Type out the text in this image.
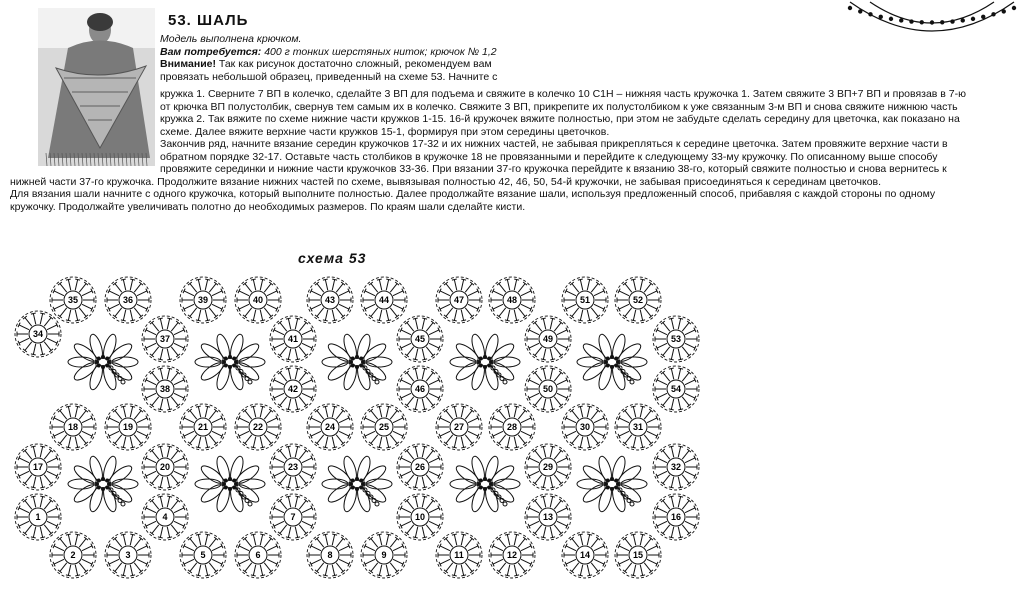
53. ШАЛЬ
Модель выполнена крючком.
Вам потребуется: 400 г тонких шерстяных ниток; крючок № 1,2
Внимание! Так как рисунок достаточно сложный, рекомендуем вам
провязать небольшой образец, приведенный на схеме 53. Начните с
кружка 1. Сверните 7 ВП в колечко, сделайте 3 ВП для подъема и свяжите в колечко 10 С1Н – нижняя часть кружочка 1. Затем свяжите 3 ВП+7 ВП и провязав в 7-ю
от крючка ВП полустолбик, свернув тем самым их в колечко. Свяжите 3 ВП, прикрепите их полустолбиком к уже связанным 3-м ВП и снова свяжите нижнюю часть
кружка 2. Так вяжите по схеме нижние части кружков 1-15. 16-й кружочек вяжите полностью, при этом не забудьте сделать середину для цветочка, как показано на
схеме. Далее вяжите верхние части кружков 15-1, формируя при этом середины цветочков.
Закончив ряд, начните вязание середин кружочков 17-32 и их нижних частей, не забывая прикрепляться к середине цветочка. Затем провяжите верхние части в
обратном порядке 32-17. Оставьте часть столбиков в кружочке 18 не провязанными и перейдите к следующему 33-му кружочку. По описанному выше способу
провяжите серединки и нижние части кружочков 33-36. При вязании 37-го кружочка перейдите к вязанию 38-го, который свяжите полностью и снова вернитесь к
нижней части 37-го кружочка. Продолжите вязание нижних частей по схеме, вывязывая полностью 42, 46, 50, 54-й кружочки, не забывая присоединяться к серединам цветочков.
Для вязания шали начните с одного кружочка, который выполните полностью. Далее продолжайте вязание шали, используя предложенный способ, прибавляя с каждой стороны по одному
кружочку. Продолжайте увеличивать полотно до необходимых размеров. По краям шали сделайте кисти.
схема 53
35	36	39	40	43	44	47	48	51	52
34	37
38
41
42
45
46
49
50
53
54
18	19	21	22	24	25	27	28	30	31
17	20	23	26	29	32
1	4	7	10	13	16
2	3	5	6	8	9	11	12	14	15
